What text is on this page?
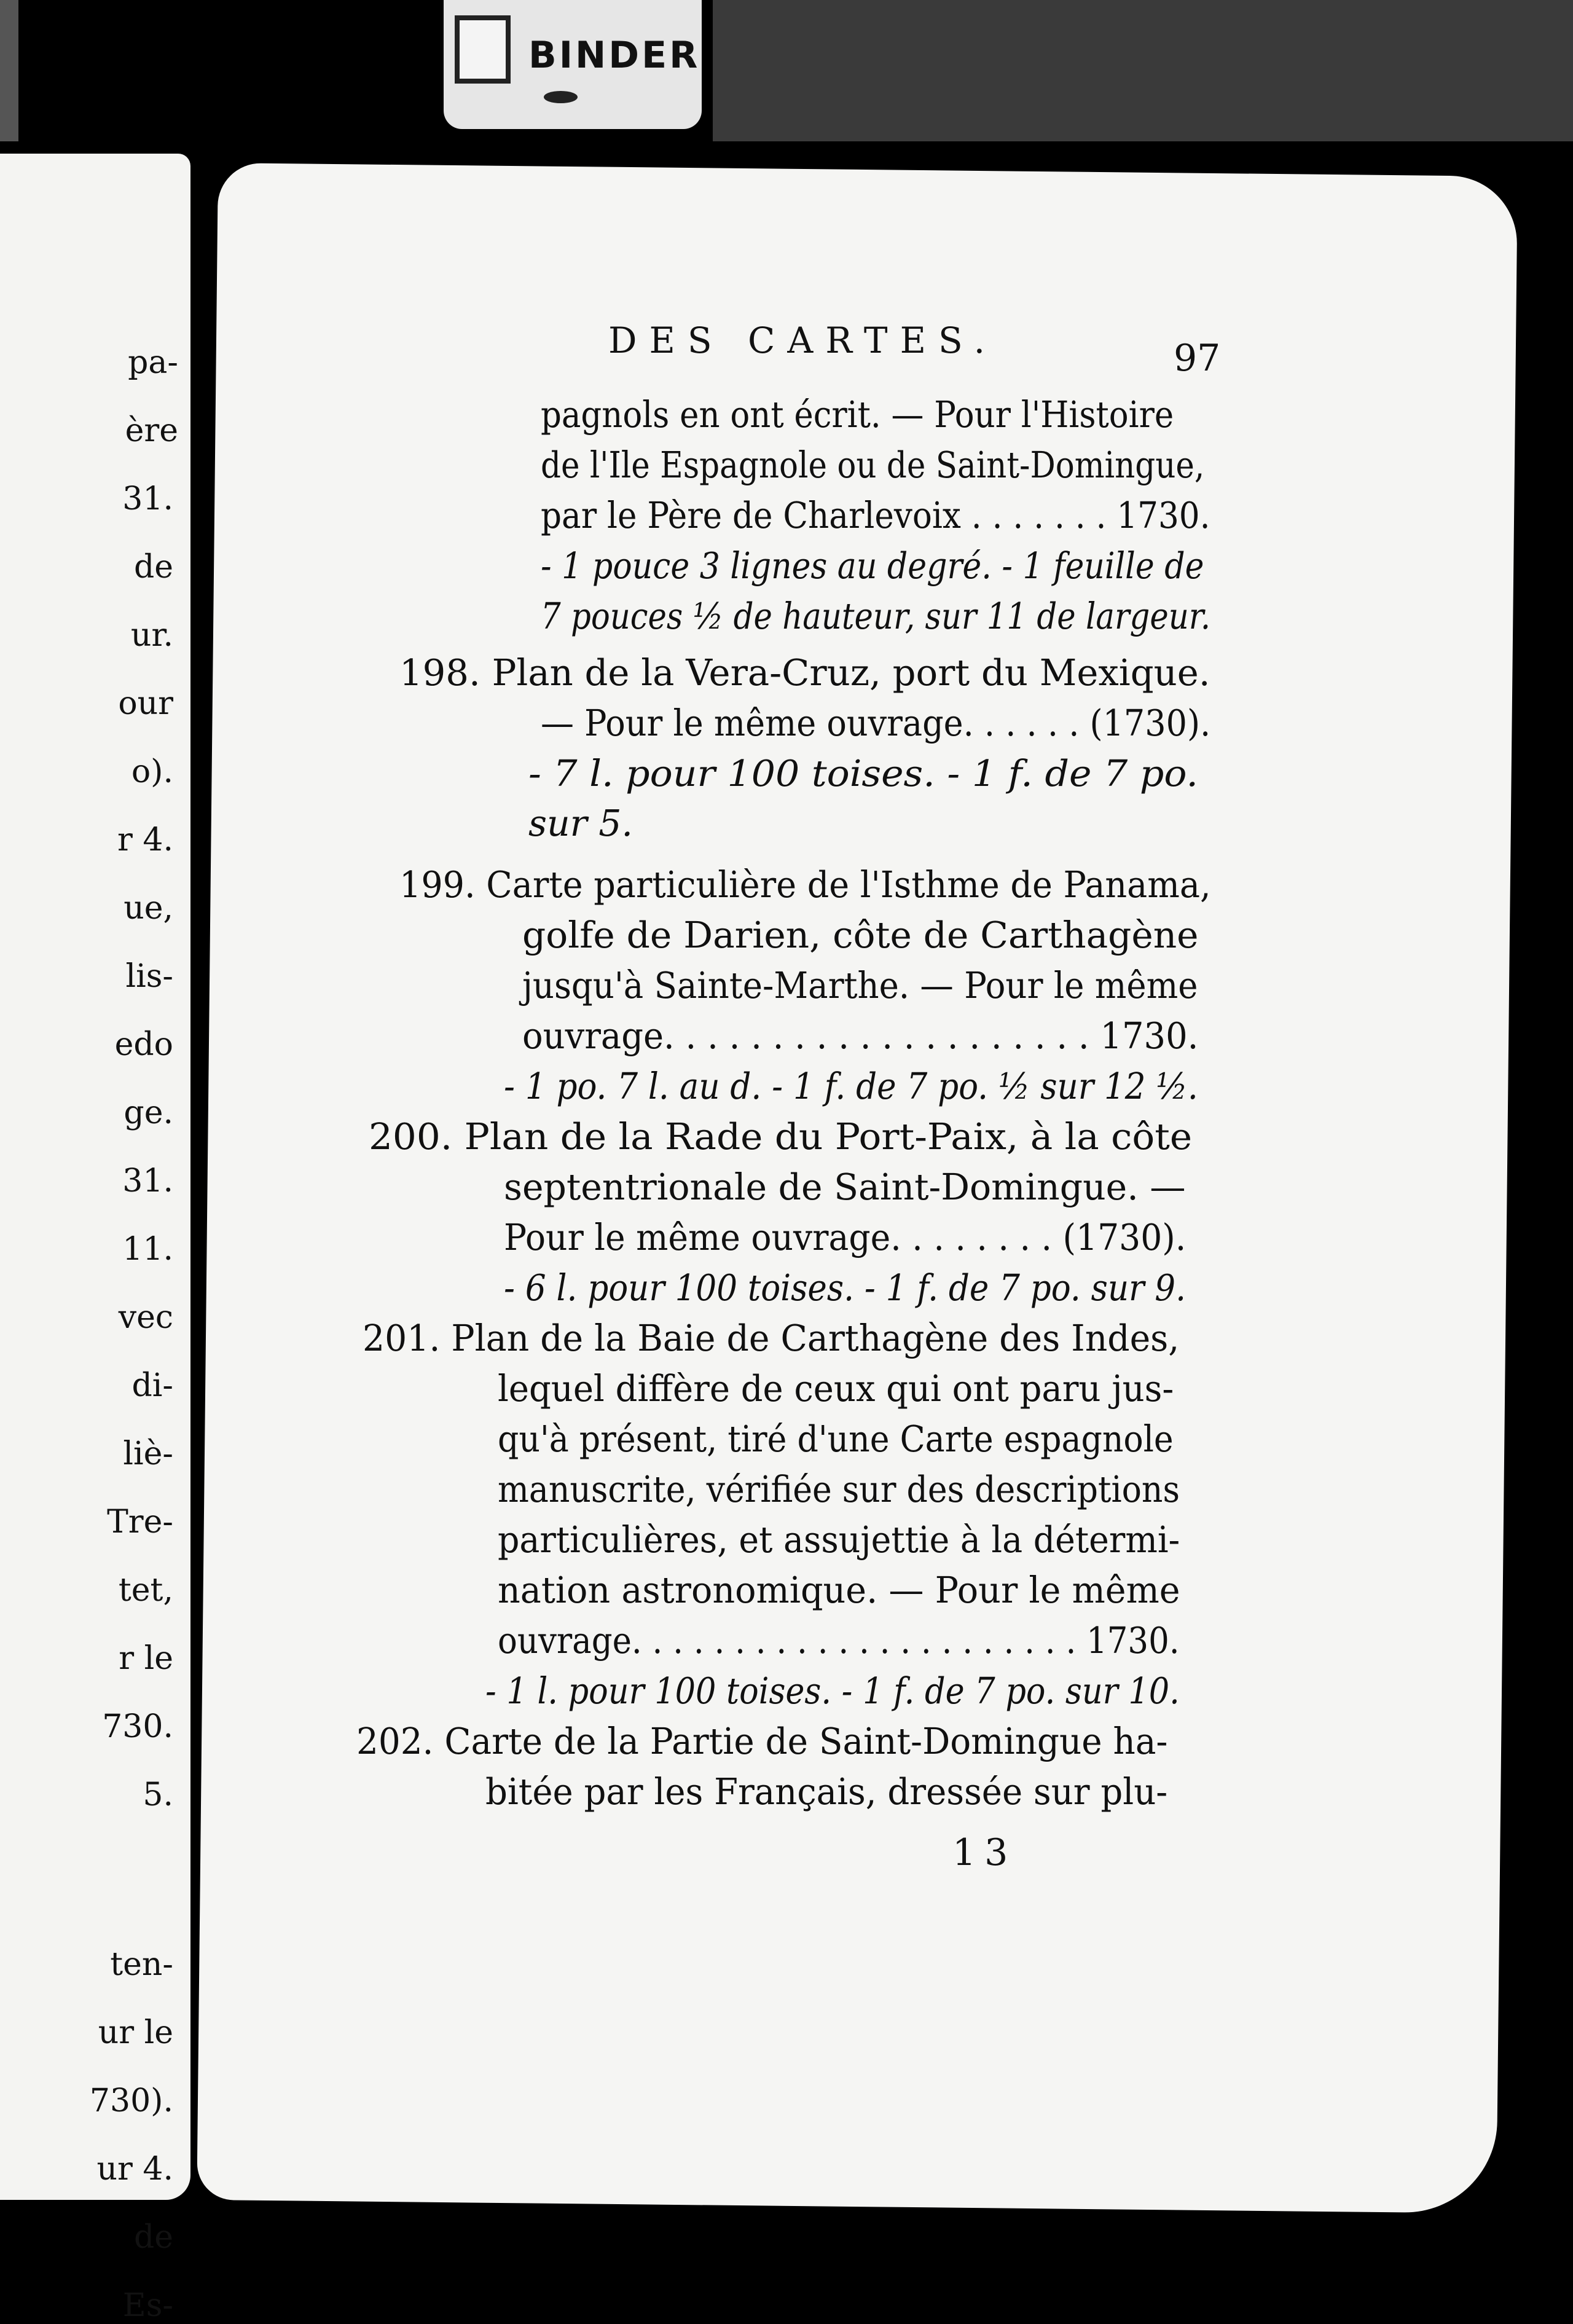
BINDER
pa-
ère
31.
de
ur.
our
o).
r 4.
ue,
lis-
edo
ge.
31.
11.
vec
di-
liè-
Tre-
tet,
r le
730.
5.
ten-
ur le
730).
ur 4.
de
Es-
DES CARTES.	97
pagnols en ont écrit. — Pour l'Histoire
de l'Ile Espagnole ou de Saint-Domingue,
par le Père de Charlevoix . . . . . . . 1730.
- 1 pouce 3 lignes au degré. - 1 feuille de
7 pouces ½ de hauteur, sur 11 de largeur.
198. Plan de la Vera-Cruz, port du Mexique.
— Pour le même ouvrage. . . . . . (1730).
- 7 l. pour 100 toises. - 1 f. de 7 po.
sur 5.
199. Carte particulière de l'Isthme de Panama,
golfe de Darien, côte de Carthagène
jusqu'à Sainte-Marthe. — Pour le même
ouvrage. . . . . . . . . . . . . . . . . . . . 1730.
- 1 po. 7 l. au d. - 1 f. de 7 po. ½ sur 12 ½.
200. Plan de la Rade du Port-Paix, à la côte
septentrionale de Saint-Domingue. —
Pour le même ouvrage. . . . . . . . (1730).
- 6 l. pour 100 toises. - 1 f. de 7 po. sur 9.
201. Plan de la Baie de Carthagène des Indes,
lequel diffère de ceux qui ont paru jus-
qu'à présent, tiré d'une Carte espagnole
manuscrite, vérifiée sur des descriptions
particulières, et assujettie à la détermi-
nation astronomique. — Pour le même
ouvrage. . . . . . . . . . . . . . . . . . . . . . 1730.
- 1 l. pour 100 toises. - 1 f. de 7 po. sur 10.
202. Carte de la Partie de Saint-Domingue ha-
bitée par les Français, dressée sur plu-
13
